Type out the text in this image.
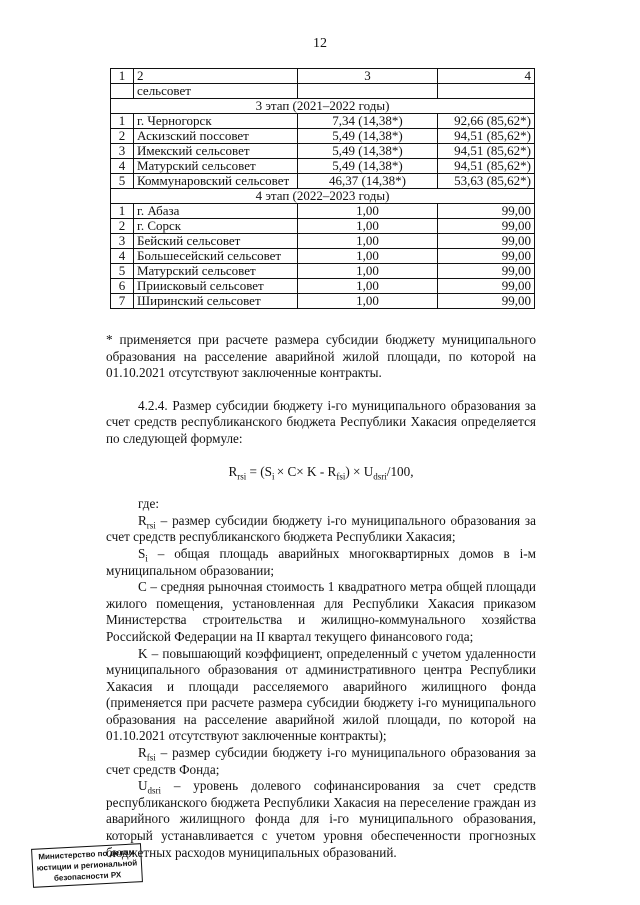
12
1	2	3	4
	сельсовет		
3 этап (2021–2022 годы)			
1	г. Черногорск	7,34 (14,38*)	92,66 (85,62*)
2	Аскизский поссовет	5,49 (14,38*)	94,51 (85,62*)
3	Имекский сельсовет	5,49 (14,38*)	94,51 (85,62*)
4	Матурский сельсовет	5,49 (14,38*)	94,51 (85,62*)
5	Коммунаровский сельсовет	46,37 (14,38*)	53,63 (85,62*)
4 этап (2022–2023 годы)			
1	г. Абаза	1,00	99,00
2	г. Сорск	1,00	99,00
3	Бейский сельсовет	1,00	99,00
4	Большесейский сельсовет	1,00	99,00
5	Матурский сельсовет	1,00	99,00
6	Приисковый сельсовет	1,00	99,00
7	Ширинский сельсовет	1,00	99,00

* применяется при расчете размера субсидии бюджету муниципального образования на расселение аварийной жилой площади, по которой на 01.10.2021 отсутствуют заключенные контракты.

4.2.4. Размер субсидии бюджету i-го муниципального образования за счет средств республиканского бюджета Республики Хакасия определяется по следующей формуле:

$R_{rsi} = (S_i \times C\times K - R_{fsi}) \times U_{dsri}/100$,

где:

$R_{rsi}$ – размер субсидии бюджету i-го муниципального образования за счет средств республиканского бюджета Республики Хакасия;

$S_i$ – общая площадь аварийных многоквартирных домов в i-м муниципальном образовании;

C – средняя рыночная стоимость 1 квадратного метра общей площади жилого помещения, установленная для Республики Хакасия приказом Министерства строительства и жилищно-коммунального хозяйства Российской Федерации на II квартал текущего финансового года;

K – повышающий коэффициент, определенный с учетом удаленности муниципального образования от административного центра Республики Хакасия и площади расселяемого аварийного жилищного фонда (применяется при расчете размера субсидии бюджету i-го муниципального образования на расселение аварийной жилой площади, по которой на 01.10.2021 отсутствуют заключенные контракты);

$R_{fsi}$ – размер субсидии бюджету i-го муниципального образования за счет средств Фонда;

$U_{dsri}$ – уровень долевого софинансирования за счет средств республиканского бюджета Республики Хакасия на переселение граждан из аварийного жилищного фонда для i-го муниципального образования, который устанавливается с учетом уровня обеспеченности прогнозных бюджетных расходов муниципальных образований.

Министерство по делам юстиции и региональной безопасности РХ
